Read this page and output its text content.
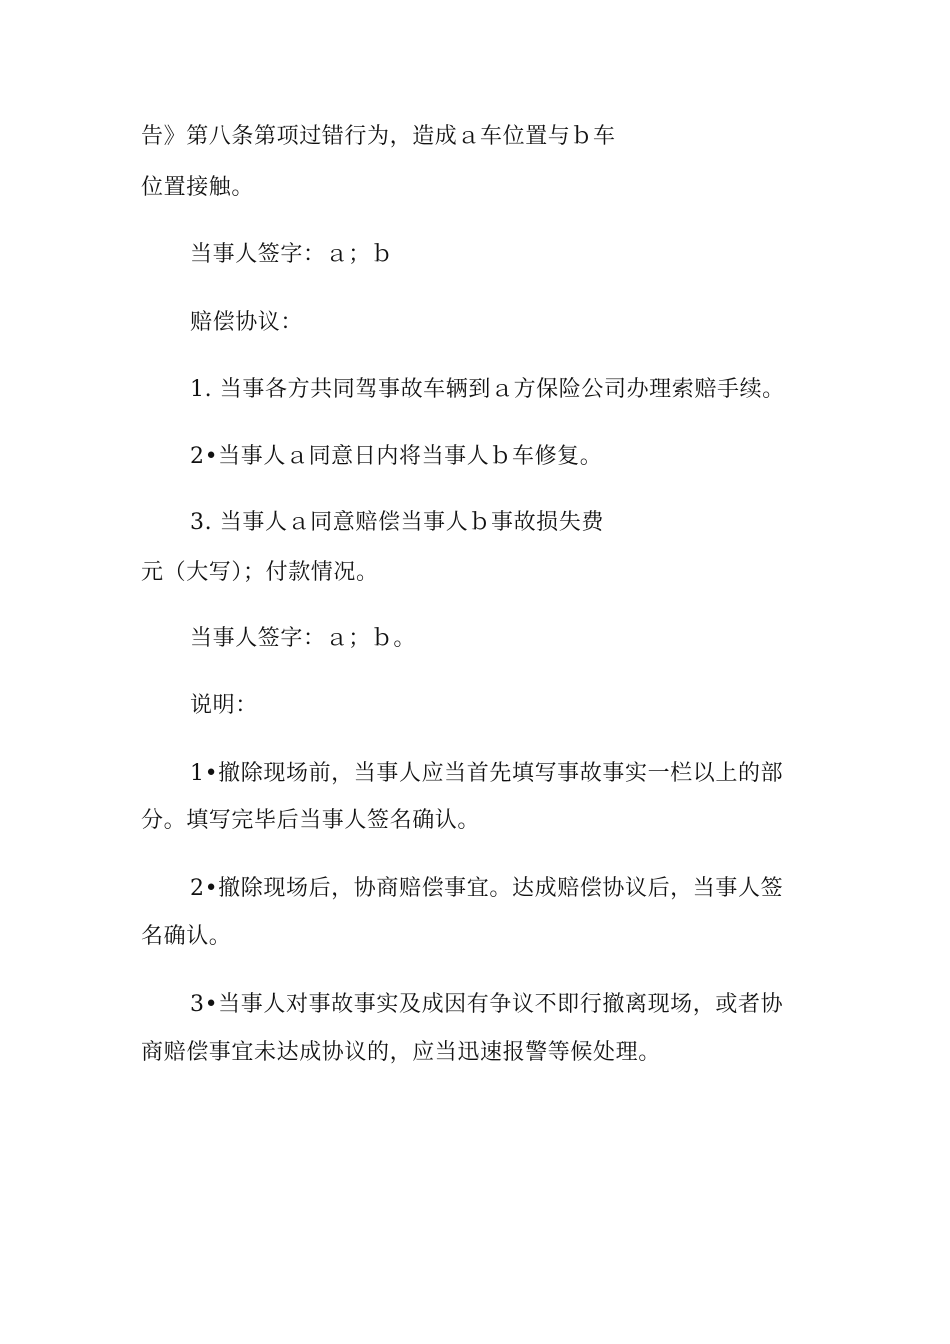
告》第八条第项过错行为，造成ａ车位置与ｂ车
位置接触。
当事人签字：ａ；ｂ
赔偿协议：
1. 当事各方共同驾事故车辆到ａ方保险公司办理索赔手续。
2•当事人ａ同意日内将当事人ｂ车修复。
3. 当事人ａ同意赔偿当事人ｂ事故损失费
元（大写）；付款情况。
当事人签字：ａ；ｂ。
说明：
1•撤除现场前，当事人应当首先填写事故事实一栏以上的部
分。填写完毕后当事人签名确认。
2•撤除现场后，协商赔偿事宜。达成赔偿协议后，当事人签
名确认。
3•当事人对事故事实及成因有争议不即行撤离现场，或者协
商赔偿事宜未达成协议的，应当迅速报警等候处理。
